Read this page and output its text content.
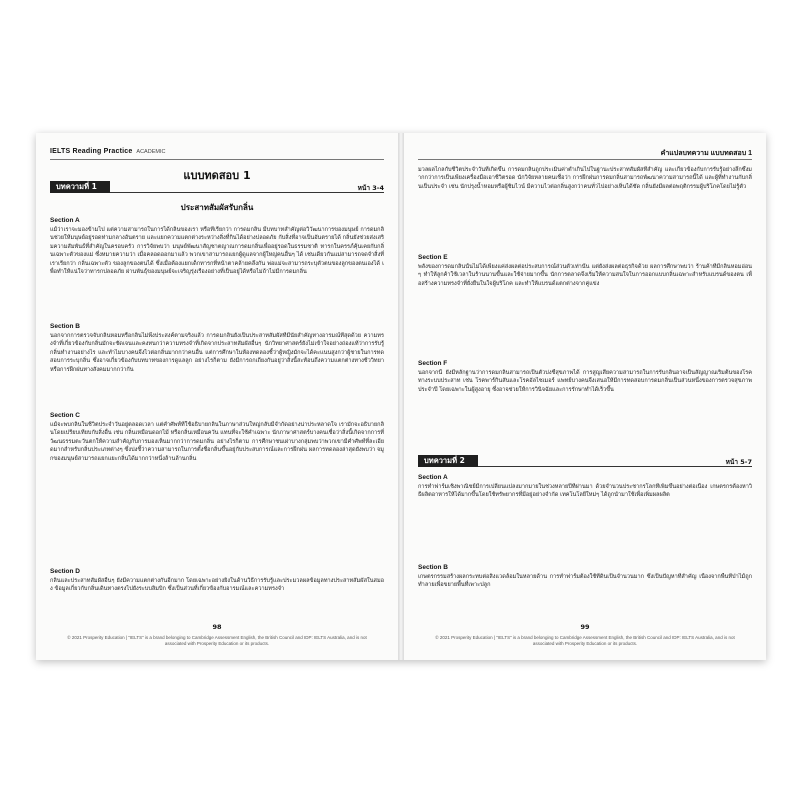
IELTS Reading Practice ACADEMIC
แบบทดสอบ 1
บทความที่ 1	หน้า 3-4
ประสาทสัมผัสรับกลิ่น
Section A
แม้ว่าเราจะมองข้ามไป แต่ความสามารถในการได้กลิ่นของเรา หรือที่เรียกว่า การดมกลิ่น มีบทบาทสำคัญต่อวิวัฒนาการของมนุษย์ การดมกลิ่นช่วยให้มนุษย์อยู่รอดท่ามกลางอันตราย และแยกความแตกต่างระหว่างสิ่งที่กินได้อย่างปลอดภัย กับสิ่งที่อาจเป็นอันตรายได้ กลิ่นยังช่วยส่งเสริมความสัมพันธ์ที่สำคัญในครอบครัว การวิจัยพบว่า มนุษย์พัฒนาสัญชาตญาณการดมกลิ่นเพื่ออยู่รอดในธรรมชาติ ทารกในครรภ์คุ้นเคยกับกลิ่นเฉพาะตัวของแม่ ซึ่งหมายความว่า เมื่อคลอดออกมาแล้ว พวกเขาสามารถแยกผู้ดูแลจากผู้ใหญ่คนอื่นๆ ได้ เช่นเดียวกันแม่สามารถจดจำสิ่งที่เราเรียกว่า กลิ่นเฉพาะตัว ของลูกของตนได้ ซึ่งเมื่อต้องแยกเด็กทารกที่หน้าตาคล้ายคลึงกัน พ่อแม่จะสามารถระบุตัวตนของลูกของตนเองได้ เพื่อทำให้แน่ใจว่าทารกปลอดภัย ผ่านพันธุ์ของมนุษย์จะเจริญรุ่งเรืองอย่างที่เป็นอยู่ได้หรือไม่ถ้าไม่มีการดมกลิ่น
Section B
นอกจากการตรวจจับกลิ่นหอมหรือกลิ่นไม่พึงประสงค์ตามจริงแล้ว การดมกลิ่นยังเป็นประสาทสัมผัสที่มีนัยสำคัญทางอารมณ์ที่สุดด้วย ความทรงจำที่เกี่ยวข้องกับกลิ่นมักจะชัดเจนและคงทนกว่าความทรงจำที่เกิดจากประสาทสัมผัสอื่นๆ นักวิทยาศาสตร์ยังไม่เข้าใจอย่างถ่องแท้ว่าการรับรู้กลิ่นทำงานอย่างไร และทำไมบางคนจึงไวต่อกลิ่นมากกว่าคนอื่น แต่การศึกษาในห้องทดลองชี้ว่าผู้หญิงมักจะได้คะแนนสูงกว่าผู้ชายในการทดสอบการระบุกลิ่น ซึ่งอาจเกี่ยวข้องกับบทบาทของการดูแลลูก อย่างไรก็ตาม ยังมีการถกเถียงกันอยู่ว่าสิ่งนี้สะท้อนถึงความแตกต่างทางชีววิทยาหรือการฝึกฝนทางสังคมมากกว่ากัน
Section C
แม้จะพบกลิ่นในชีวิตประจำวันอยู่ตลอดเวลา แต่คำศัพท์ที่ใช้อธิบายกลิ่นในภาษาส่วนใหญ่กลับมีจำกัดอย่างน่าประหลาดใจ เรามักจะอธิบายกลิ่นโดยเปรียบเทียบกับสิ่งอื่น เช่น กลิ่นเหมือนดอกไม้ หรือกลิ่นเหมือนควัน แทนที่จะใช้คำเฉพาะ นักภาษาศาสตร์บางคนเชื่อว่าสิ่งนี้เกิดจากการที่วัฒนธรรมตะวันตกให้ความสำคัญกับการมองเห็นมากกว่าการดมกลิ่น อย่างไรก็ตาม การศึกษาชนเผ่าบางกลุ่มพบว่าพวกเขามีคำศัพท์ที่ละเอียดมากสำหรับกลิ่นประเภทต่างๆ ซึ่งบ่งชี้ว่าความสามารถในการตั้งชื่อกลิ่นขึ้นอยู่กับประสบการณ์และการฝึกฝน ผลการทดลองล่าสุดยังพบว่า จมูกของมนุษย์สามารถแยกแยะกลิ่นได้มากกว่าหนึ่งล้านล้านกลิ่น
Section D
กลิ่นและประสาทสัมผัสอื่นๆ ยังมีความแตกต่างกันอีกมาก โดยเฉพาะอย่างยิ่งในด้านวิธีการรับรู้และประมวลผลข้อมูลทางประสาทสัมผัสในสมอง ข้อมูลเกี่ยวกับกลิ่นเดินทางตรงไปยังระบบลิมบิก ซึ่งเป็นส่วนที่เกี่ยวข้องกับอารมณ์และความทรงจำ
98
© 2021 Prosperity Education | "IELTS" is a brand belonging to Cambridge Assessment English, the British Council and IDP: IELTS Australia, and is not associated with Prosperity Education or its products.
คำแปลบทความ แบบทดสอบ 1
มวลผลไกลกับชีวิตประจำวันที่เกิดขึ้น การดมกลิ่นถูกประเมินค่าต่ำเกินไปในฐานะประสาทสัมผัสที่สำคัญ และเกี่ยวข้องกับการรับรู้อย่างลึกซึ้งมากกว่าการเป็นเพียงเครื่องมือเอาชีวิตรอด นักวิจัยหลายคนเชื่อว่า การฝึกฝนการดมกลิ่นสามารถพัฒนาความสามารถนี้ได้ และผู้ที่ทำงานกับกลิ่นเป็นประจำ เช่น นักปรุงน้ำหอมหรือผู้ชิมไวน์ มีความไวต่อกลิ่นสูงกว่าคนทั่วไปอย่างเห็นได้ชัด กลิ่นยังมีผลต่อพฤติกรรมผู้บริโภคโดยไม่รู้ตัว
Section E
พลังของการดมกลิ่นนั้นไม่ได้เพียงแค่ส่งผลต่อประสบการณ์ส่วนตัวเท่านั้น แต่ยังส่งผลต่อธุรกิจด้วย ผลการศึกษาพบว่า ร้านค้าที่มีกลิ่นหอมอ่อนๆ ทำให้ลูกค้าใช้เวลาในร้านนานขึ้นและใช้จ่ายมากขึ้น นักการตลาดจึงเริ่มให้ความสนใจในการออกแบบกลิ่นเฉพาะสำหรับแบรนด์ของตน เพื่อสร้างความทรงจำที่ยั่งยืนในใจผู้บริโภค และทำให้แบรนด์แตกต่างจากคู่แข่ง
Section F
นอกจากนี้ ยังมีหลักฐานว่าการดมกลิ่นสามารถเป็นตัวบ่งชี้สุขภาพได้ การสูญเสียความสามารถในการรับกลิ่นอาจเป็นสัญญาณเริ่มต้นของโรคทางระบบประสาท เช่น โรคพาร์กินสันและโรคอัลไซเมอร์ แพทย์บางคนจึงเสนอให้มีการทดสอบการดมกลิ่นเป็นส่วนหนึ่งของการตรวจสุขภาพประจำปี โดยเฉพาะในผู้สูงอายุ ซึ่งอาจช่วยให้การวินิจฉัยและการรักษาทำได้เร็วขึ้น
บทความที่ 2	หน้า 5-7
Section A
การทำฟาร์มเชิงพาณิชย์มีการเปลี่ยนแปลงมากมายในช่วงหลายปีที่ผ่านมา ด้วยจำนวนประชากรโลกที่เพิ่มขึ้นอย่างต่อเนื่อง เกษตรกรต้องหาวิธีผลิตอาหารให้ได้มากขึ้นโดยใช้ทรัพยากรที่มีอยู่อย่างจำกัด เทคโนโลยีใหม่ๆ ได้ถูกนำมาใช้เพื่อเพิ่มผลผลิต
Section B
เกษตรกรรมสร้างผลกระทบต่อสิ่งแวดล้อมในหลายด้าน การทำฟาร์มต้องใช้ที่ดินเป็นจำนวนมาก ซึ่งเป็นปัญหาที่สำคัญ เนื่องจากพื้นที่ป่าไม้ถูกทำลายเพื่อขยายพื้นที่เพาะปลูก
99
© 2021 Prosperity Education | "IELTS" is a brand belonging to Cambridge Assessment English, the British Council and IDP: IELTS Australia, and is not associated with Prosperity Education or its products.
